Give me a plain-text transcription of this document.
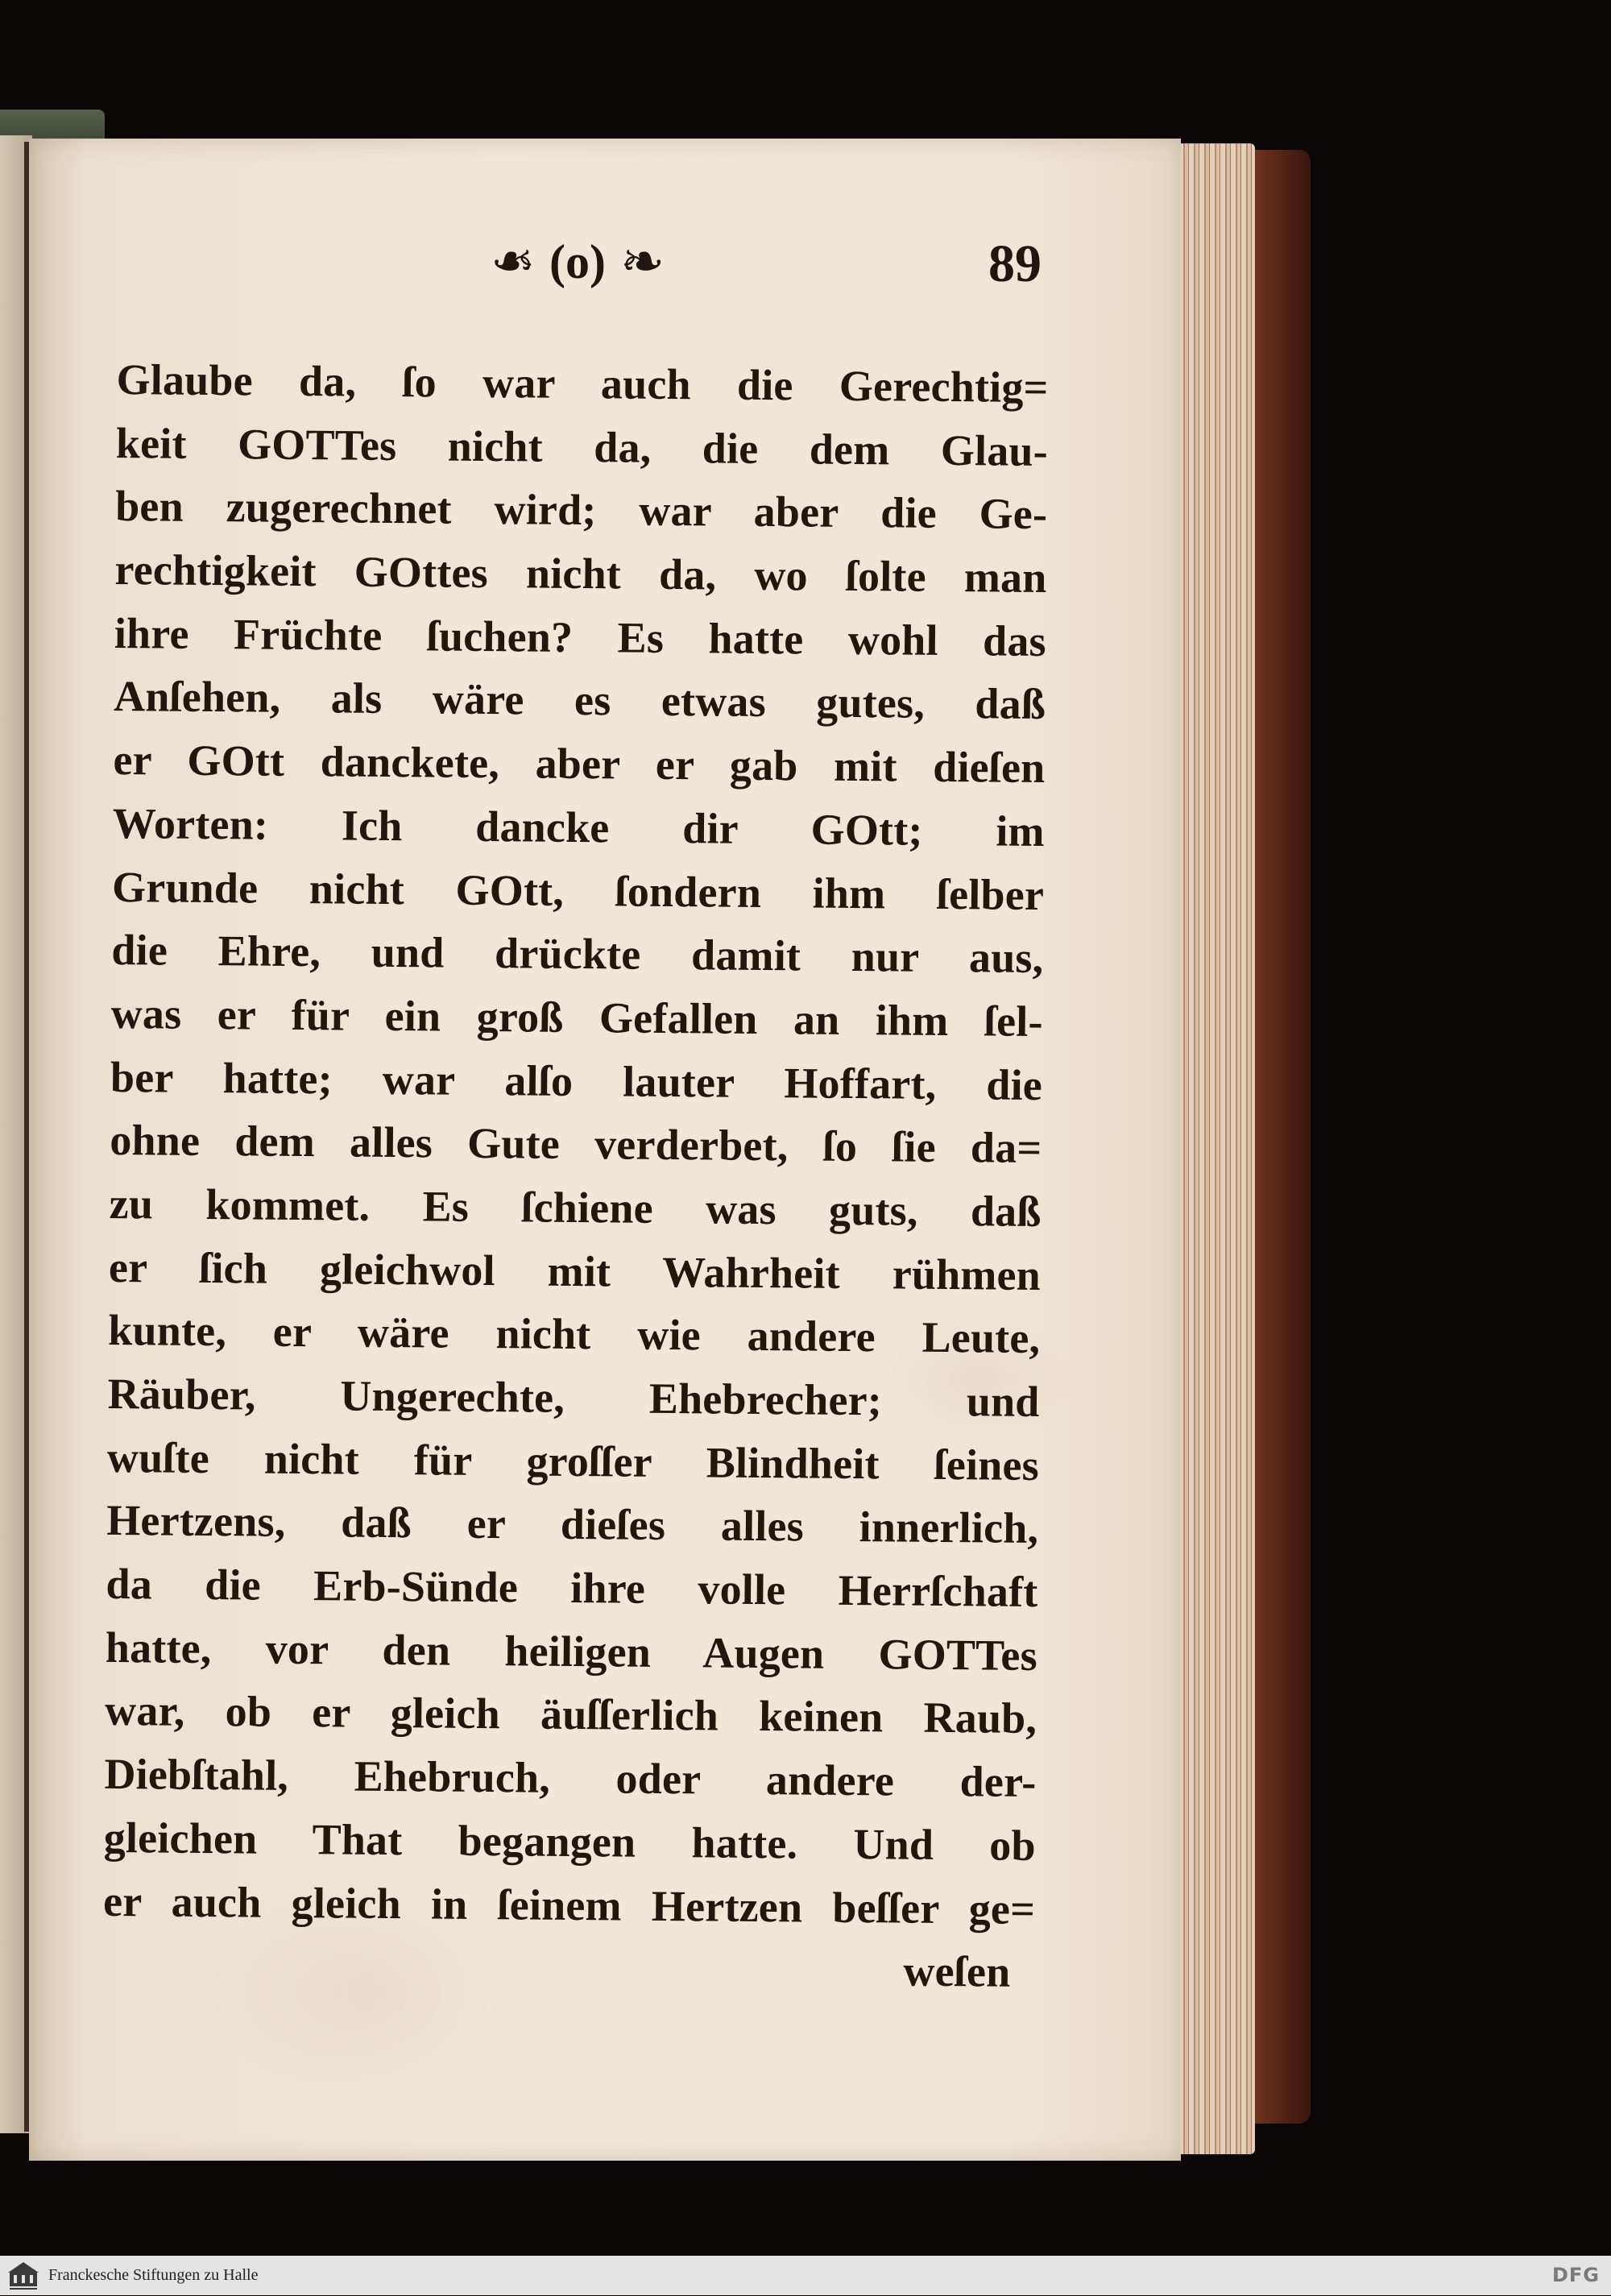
❧ (o) ❧	89
Glaube da, ſo war auch die Gerechtig=
keit GOTTes nicht da, die dem Glau-
ben zugerechnet wird; war aber die Ge-
rechtigkeit GOttes nicht da, wo ſolte man
ihre Früchte ſuchen? Es hatte wohl das
Anſehen, als wäre es etwas gutes, daß
er GOtt danckete, aber er gab mit dieſen
Worten: Ich dancke dir GOtt; im
Grunde nicht GOtt, ſondern ihm ſelber
die Ehre, und drückte damit nur aus,
was er für ein groß Gefallen an ihm ſel-
ber hatte; war alſo lauter Hoffart, die
ohne dem alles Gute verderbet, ſo ſie da=
zu kommet. Es ſchiene was guts, daß
er ſich gleichwol mit Wahrheit rühmen
kunte, er wäre nicht wie andere Leute,
Räuber, Ungerechte, Ehebrecher; und
wuſte nicht für groſſer Blindheit ſeines
Hertzens, daß er dieſes alles innerlich,
da die Erb-Sünde ihre volle Herrſchaft
hatte, vor den heiligen Augen GOTTes
war, ob er gleich äuſſerlich keinen Raub,
Diebſtahl, Ehebruch, oder andere der-
gleichen That begangen hatte. Und ob
er auch gleich in ſeinem Hertzen beſſer ge=
weſen
Franckesche Stiftungen zu Halle	DFG
